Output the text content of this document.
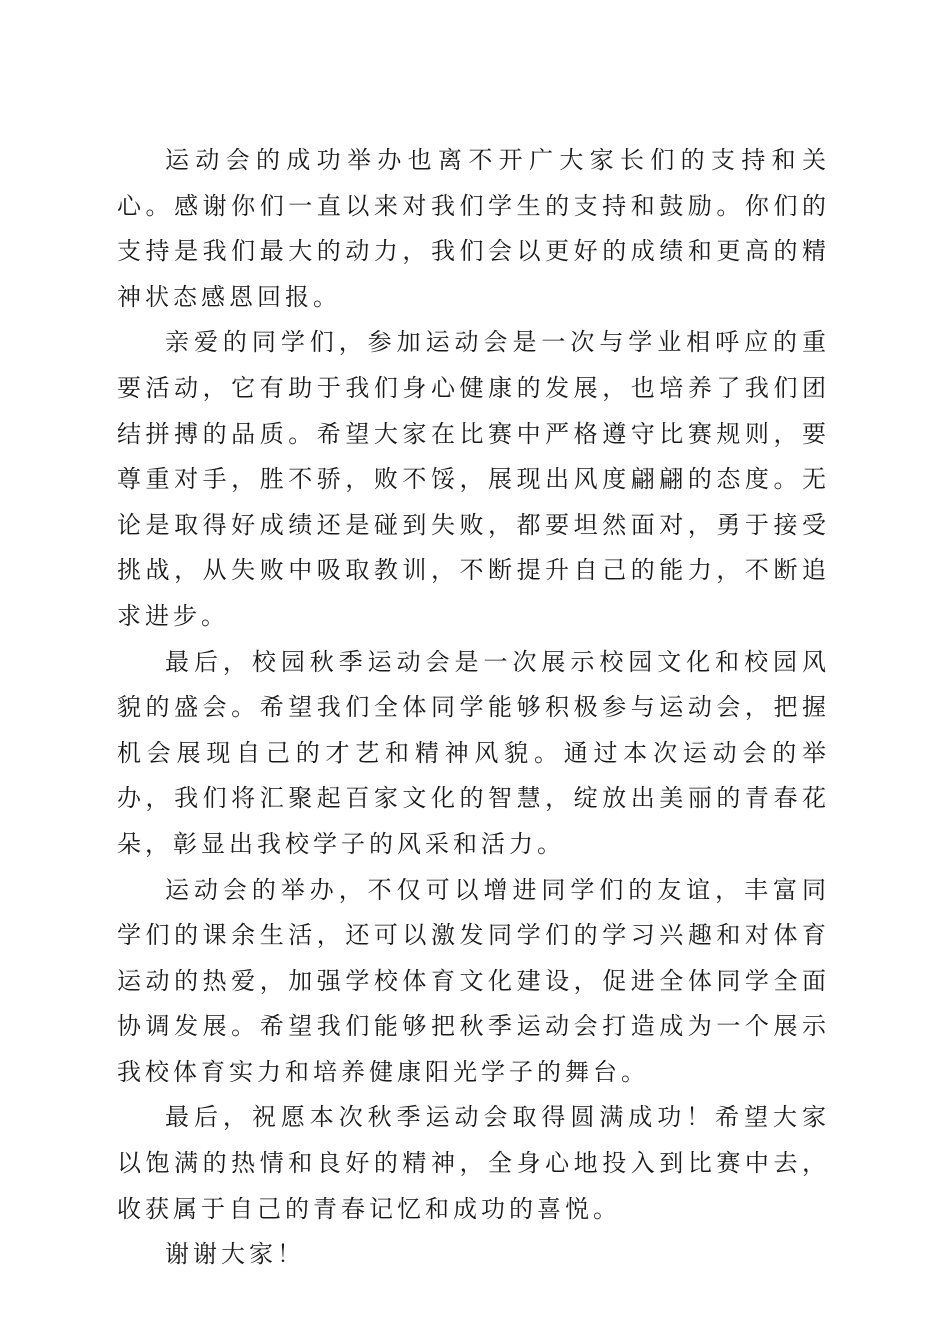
运动会的成功举办也离不开广大家长们的支持和关心。感谢你们一直以来对我们学生的支持和鼓励。你们的支持是我们最大的动力，我们会以更好的成绩和更高的精神状态感恩回报。

亲爱的同学们，参加运动会是一次与学业相呼应的重要活动，它有助于我们身心健康的发展，也培养了我们团结拼搏的品质。希望大家在比赛中严格遵守比赛规则，要尊重对手，胜不骄，败不馁，展现出风度翩翩的态度。无论是取得好成绩还是碰到失败，都要坦然面对，勇于接受挑战，从失败中吸取教训，不断提升自己的能力，不断追求进步。

最后，校园秋季运动会是一次展示校园文化和校园风貌的盛会。希望我们全体同学能够积极参与运动会，把握机会展现自己的才艺和精神风貌。通过本次运动会的举办，我们将汇聚起百家文化的智慧，绽放出美丽的青春花朵，彰显出我校学子的风采和活力。

运动会的举办，不仅可以增进同学们的友谊，丰富同学们的课余生活，还可以激发同学们的学习兴趣和对体育运动的热爱，加强学校体育文化建设，促进全体同学全面协调发展。希望我们能够把秋季运动会打造成为一个展示我校体育实力和培养健康阳光学子的舞台。

最后，祝愿本次秋季运动会取得圆满成功！希望大家以饱满的热情和良好的精神，全身心地投入到比赛中去，收获属于自己的青春记忆和成功的喜悦。

谢谢大家！
